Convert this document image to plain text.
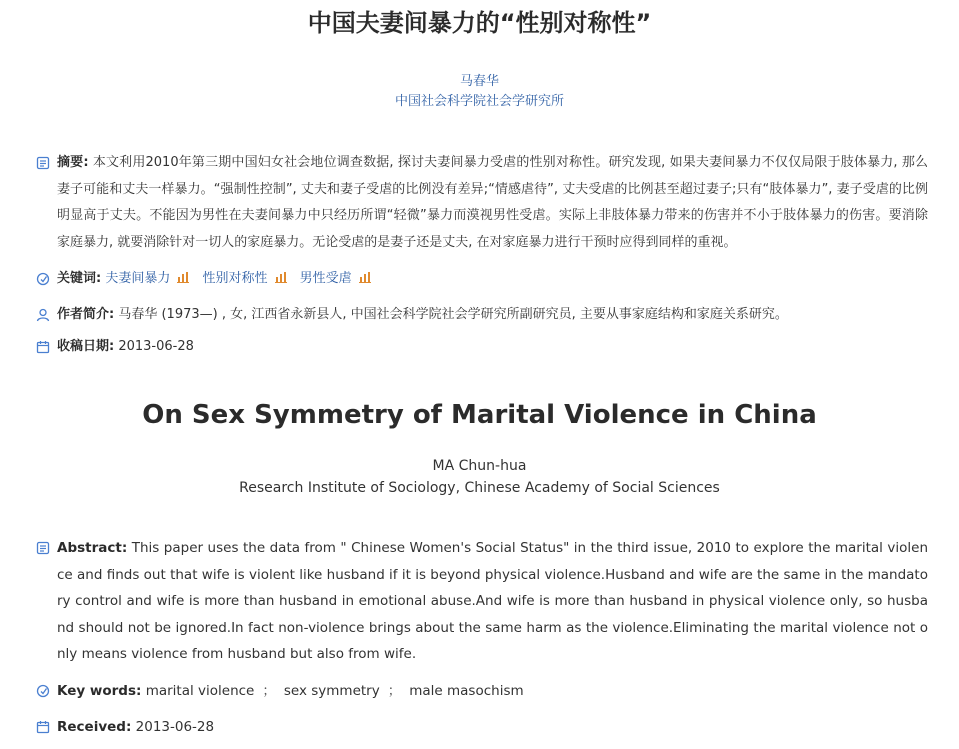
中国夫妻间暴力的“性别对称性”
马春华
中国社会科学院社会学研究所
摘要: 本文利用2010年第三期中国妇女社会地位调查数据, 探讨夫妻间暴力受虐的性别对称性。研究发现, 如果夫妻间暴力不仅仅局限于肢体暴力, 那么妻子可能和丈夫一样暴力。“强制性控制”, 丈夫和妻子受虐的比例没有差异;“情感虐待”, 丈夫受虐的比例甚至超过妻子;只有“肢体暴力”, 妻子受虐的比例明显高于丈夫。不能因为男性在夫妻间暴力中只经历所谓“轻微”暴力而漠视男性受虐。实际上非肢体暴力带来的伤害并不小于肢体暴力的伤害。要消除家庭暴力, 就要消除针对一切人的家庭暴力。无论受虐的是妻子还是丈夫, 在对家庭暴力进行干预时应得到同样的重视。
关键词: 夫妻间暴力 性别对称性 男性受虐
作者简介: 马春华 (1973—) , 女, 江西省永新县人, 中国社会科学院社会学研究所副研究员, 主要从事家庭结构和家庭关系研究。
收稿日期: 2013-06-28
On Sex Symmetry of Marital Violence in China
MA Chun-hua
Research Institute of Sociology, Chinese Academy of Social Sciences
Abstract: This paper uses the data from " Chinese Women's Social Status" in the third issue, 2010 to explore the marital violence and finds out that wife is violent like husband if it is beyond physical violence.Husband and wife are the same in the mandatory control and wife is more than husband in emotional abuse.And wife is more than husband in physical violence only, so husband should not be ignored.In fact non-violence brings about the same harm as the violence.Eliminating the marital violence not only means violence from husband but also from wife.
Key words: marital violence ； sex symmetry ； male masochism
Received: 2013-06-28
